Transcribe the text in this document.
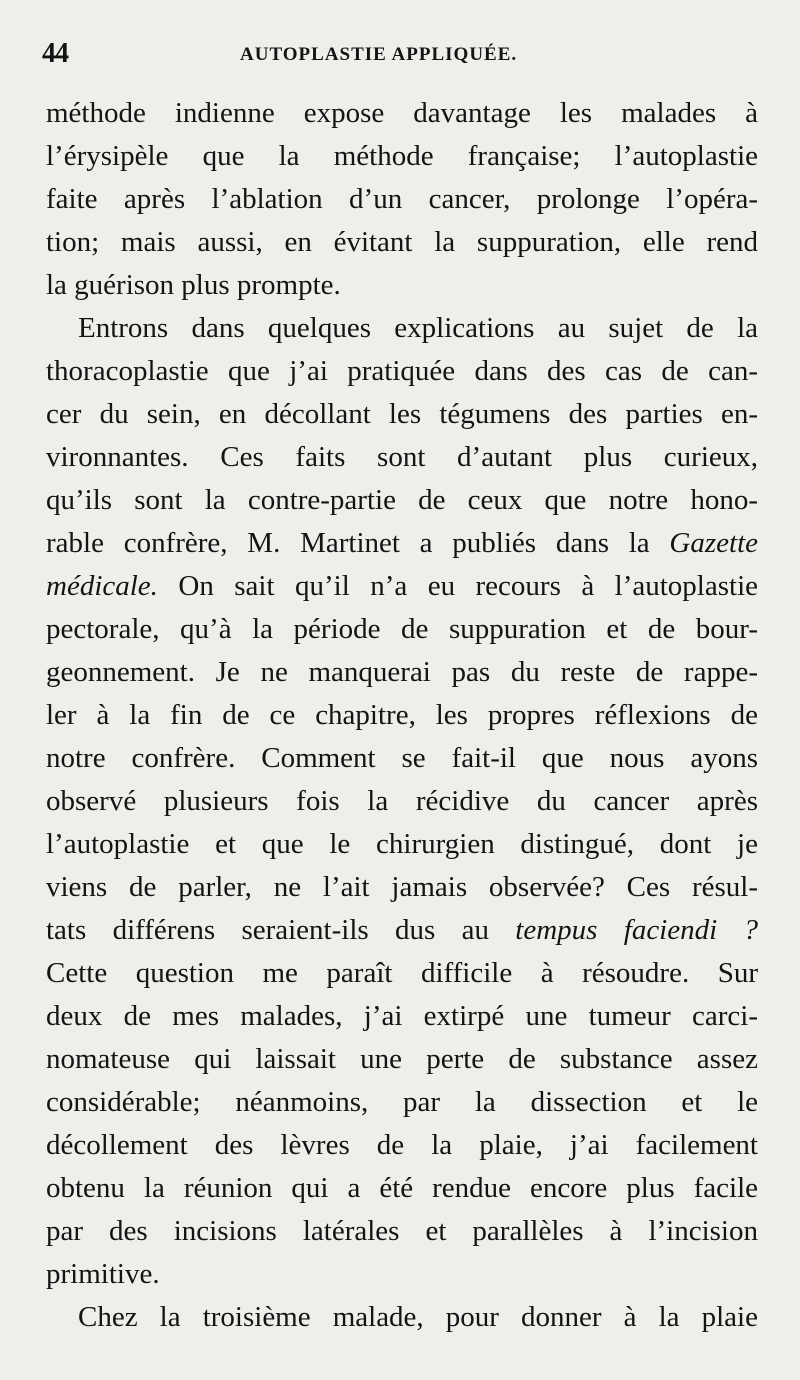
44	AUTOPLASTIE APPLIQUÉE.
méthode indienne expose davantage les malades à
l’érysipèle que la méthode française; l’autoplastie
faite après l’ablation d’un cancer, prolonge l’opéra-
tion; mais aussi, en évitant la suppuration, elle rend
la guérison plus prompte.
Entrons dans quelques explications au sujet de la
thoracoplastie que j’ai pratiquée dans des cas de can-
cer du sein, en décollant les tégumens des parties en-
vironnantes. Ces faits sont d’autant plus curieux,
qu’ils sont la contre-partie de ceux que notre hono-
rable confrère, M. Martinet a publiés dans la Gazette
médicale. On sait qu’il n’a eu recours à l’autoplastie
pectorale, qu’à la période de suppuration et de bour-
geonnement. Je ne manquerai pas du reste de rappe-
ler à la fin de ce chapitre, les propres réflexions de
notre confrère. Comment se fait-il que nous ayons
observé plusieurs fois la récidive du cancer après
l’autoplastie et que le chirurgien distingué, dont je
viens de parler, ne l’ait jamais observée? Ces résul-
tats différens seraient-ils dus au tempus faciendi ?
Cette question me paraît difficile à résoudre. Sur
deux de mes malades, j’ai extirpé une tumeur carci-
nomateuse qui laissait une perte de substance assez
considérable; néanmoins, par la dissection et le
décollement des lèvres de la plaie, j’ai facilement
obtenu la réunion qui a été rendue encore plus facile
par des incisions latérales et parallèles à l’incision
primitive.
Chez la troisième malade, pour donner à la plaie
